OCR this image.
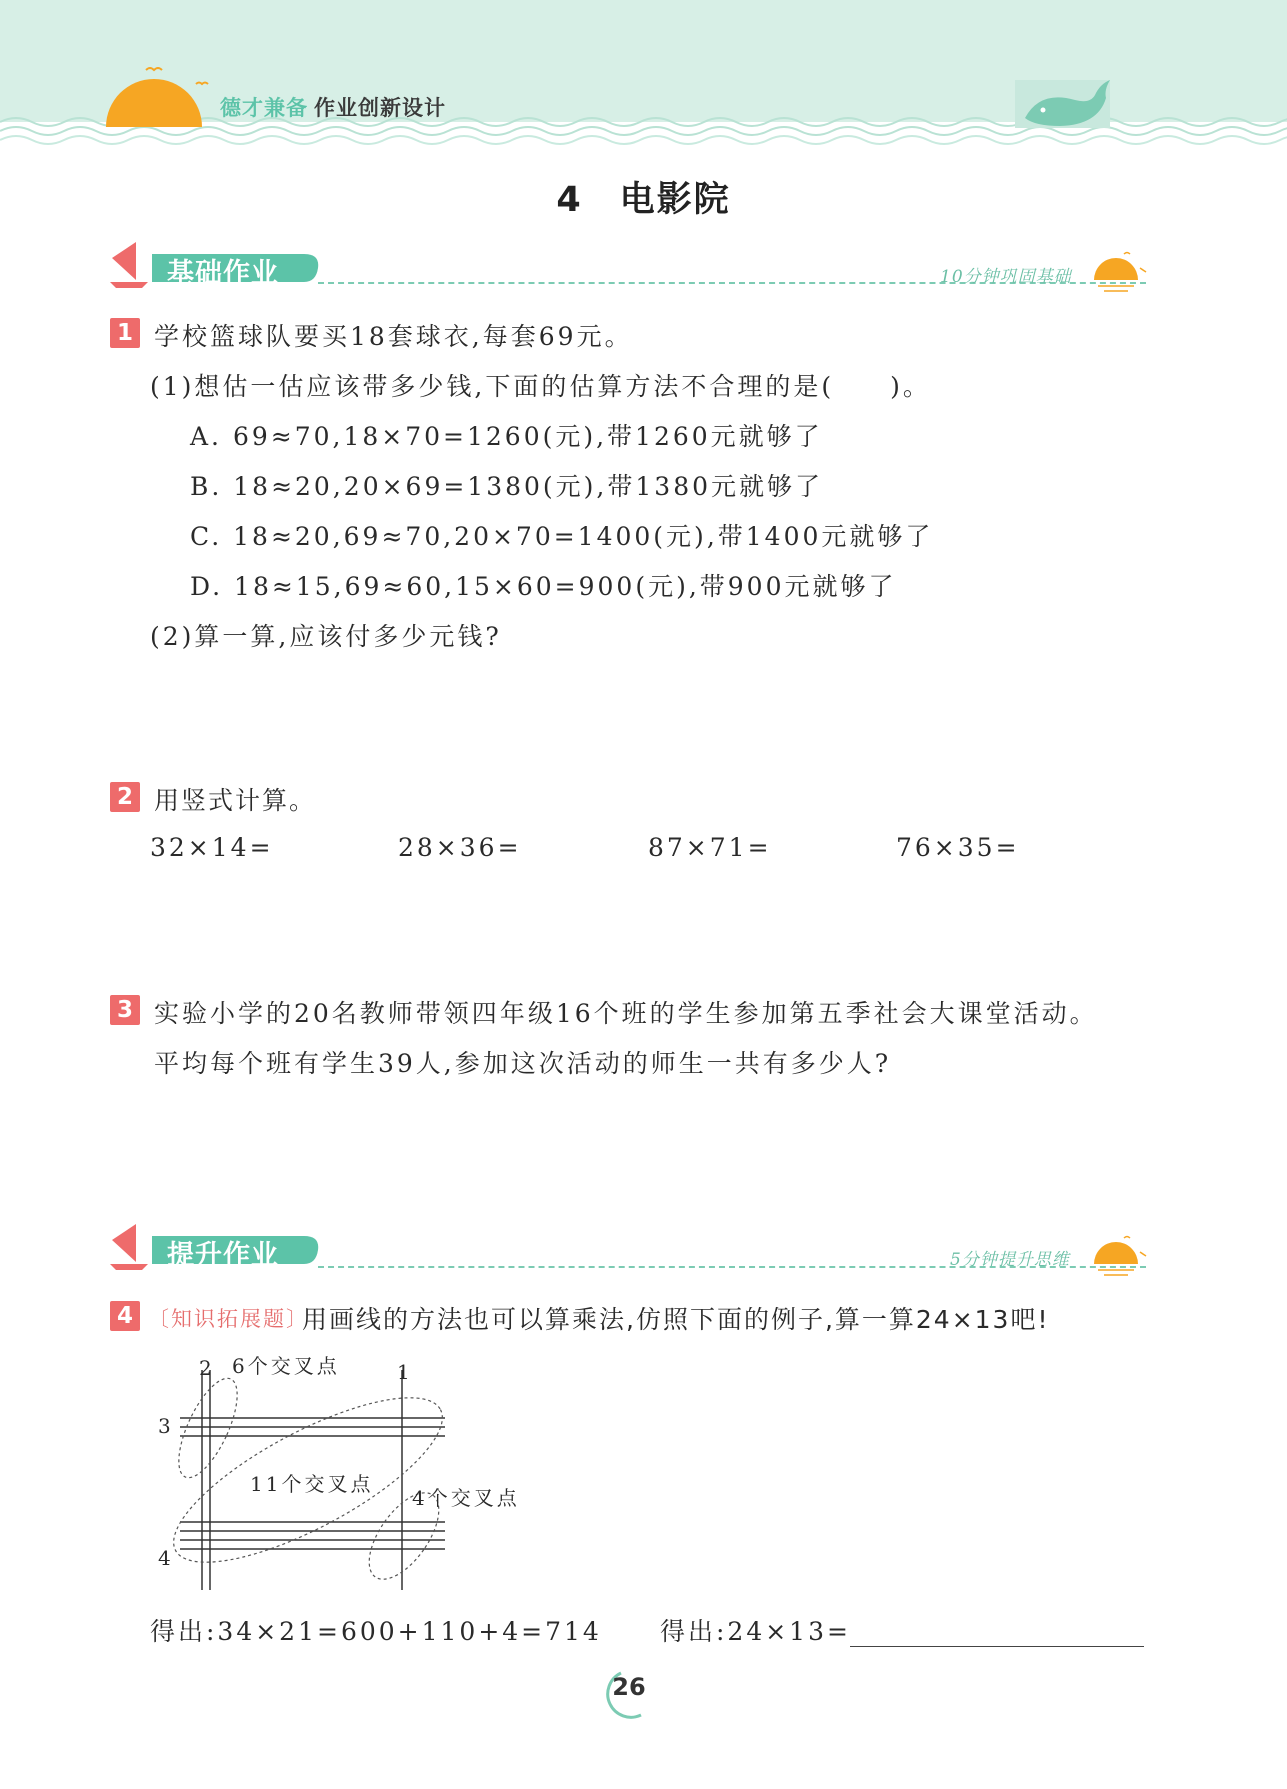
德才兼备 作业创新设计
4　电影院
基础作业	10分钟巩固基础
1 学校篮球队要买18套球衣,每套69元。
(1)想估一估应该带多少钱,下面的估算方法不合理的是(　　)。
A. 69≈70,18×70=1260(元),带1260元就够了
B. 18≈20,20×69=1380(元),带1380元就够了
C. 18≈20,69≈70,20×70=1400(元),带1400元就够了
D. 18≈15,69≈60,15×60=900(元),带900元就够了
(2)算一算,应该付多少元钱?
2 用竖式计算。
32×14=	28×36=	87×71=	76×35=
3 实验小学的20名教师带领四年级16个班的学生参加第五季社会大课堂活动。
平均每个班有学生39人,参加这次活动的师生一共有多少人?
提升作业	5分钟提升思维
4 〔知识拓展题〕
用画线的方法也可以算乘法,仿照下面的例子,算一算24×13吧!
2	1
3
4
6个交叉点
11个交叉点
4个交叉点
得出:34×21=600+110+4=714 得出:24×13=
26
